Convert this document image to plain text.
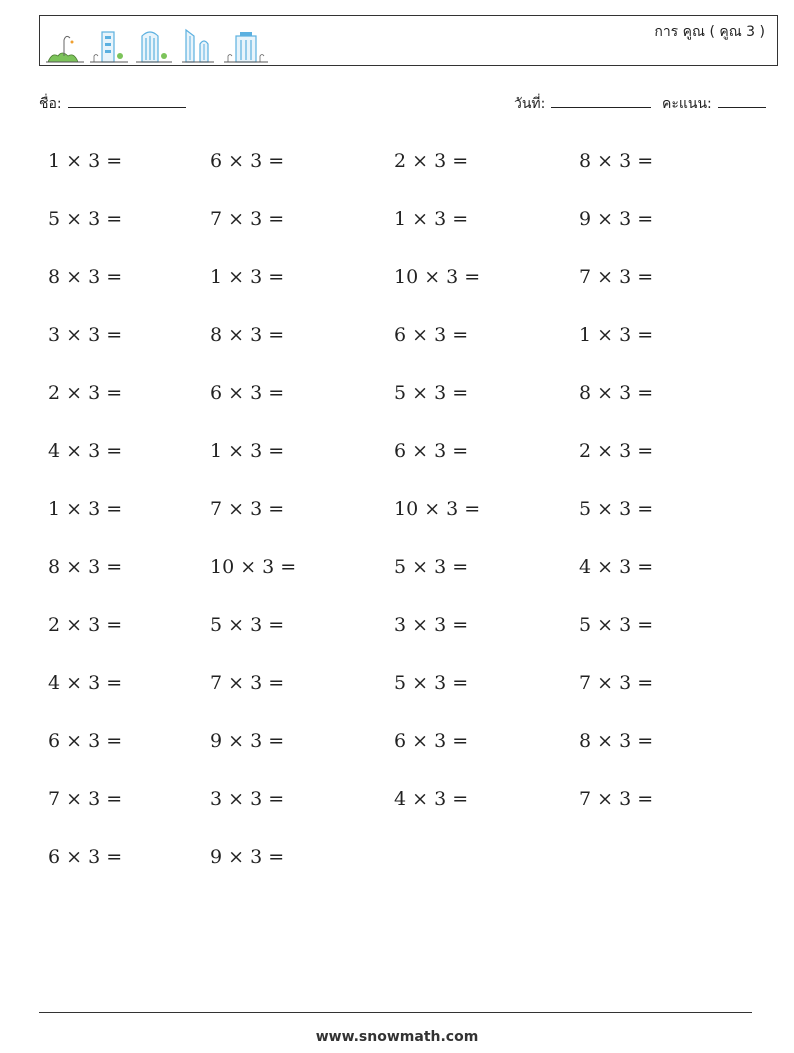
การ คูณ ( คูณ 3 )
ชื่อ:	วันที่:	คะแนน:
1 × 3 =	6 × 3 =	2 × 3 =	8 × 3 =
5 × 3 =	7 × 3 =	1 × 3 =	9 × 3 =
8 × 3 =	1 × 3 =	10 × 3 =	7 × 3 =
3 × 3 =	8 × 3 =	6 × 3 =	1 × 3 =
2 × 3 =	6 × 3 =	5 × 3 =	8 × 3 =
4 × 3 =	1 × 3 =	6 × 3 =	2 × 3 =
1 × 3 =	7 × 3 =	10 × 3 =	5 × 3 =
8 × 3 =	10 × 3 =	5 × 3 =	4 × 3 =
2 × 3 =	5 × 3 =	3 × 3 =	5 × 3 =
4 × 3 =	7 × 3 =	5 × 3 =	7 × 3 =
6 × 3 =	9 × 3 =	6 × 3 =	8 × 3 =
7 × 3 =	3 × 3 =	4 × 3 =	7 × 3 =
6 × 3 =	9 × 3 =
www.snowmath.com
